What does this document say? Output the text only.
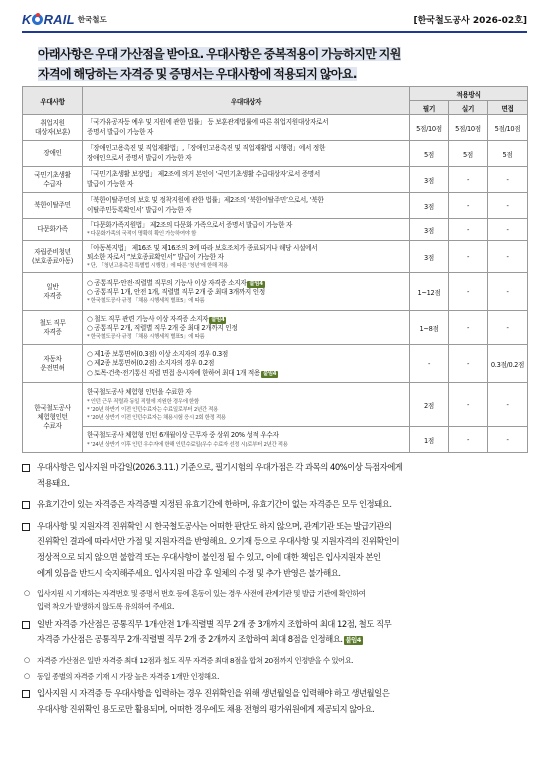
K RAIL 한국철도	[한국철도공사 2026-02호]
아래사항은 우대 가산점을 받아요. 우대사항은 중복적용이 가능하지만 지원
자격에 해당하는 자격증 및 증명서는 우대사항에 적용되지 않아요.
우대사항	우대대상자	적용방식		
		필기	실기	면접

취업지원
대상자(보훈)	「국가유공자등 예우 및 지원에 관한 법률」 등 보훈관계법률에 따른 취업지원대상자로서
증명서 발급이 가능한 자	5점/10점	5점/10점	5점/10점

장애인	「장애인고용촉진 및 직업재활법」,「장애인고용촉진 및 직업재활법 시행령」에서 정한
장애인으로서 증명서 발급이 가능한 자	5점	5점	5점

국민기초생활
수급자	「국민기초생활 보장법」 제2조에 의거 본인이 ‘국민기초생활 수급대상자’로서 증명서
발급이 가능한 자	3점	-	-

북한이탈주민	「북한이탈주민의 보호 및 정착지원에 관한 법률」제2조의 ‘북한이탈주민’으로서, ‘북한
이탈주민등록확인서’ 발급이 가능한 자	3점	-	-

다문화가족	「다문화가족지원법」 제2조의 다문화 가족으로서 증명서 발급이 가능한 자
* 다문화가족의 국적이 명확히 확인 가능하여야 함	3점	-	-

자립준비청년
(보호종료아동)	「아동복지법」 제16조 및 제16조의 3에 따라 보호조치가 종료되거나 해당 시설에서
퇴소한 자로서 “보호종료확인서” 발급이 가능한 자
* 단, 「청년고용촉진 특별법 시행령」에 따른 ‘청년’에 한해 적용	3점	-	-

일반
자격증	○ 공통직무·안전·직렬별 직무의 기능사 이상 자격증 소지자 붙임4
○ 공통직무 1개, 안전 1개, 직렬별 직무 2개 중 최대 3개까지 인정
* 한국철도공사 규정 「채용 시행세칙 별표5」에 따름	1~12점	-	-

철도 직무
자격증	○ 철도 직무 관련 기능사 이상 자격증 소지자 붙임4
○ 공통직무 2개, 직렬별 직무 2개 중 최대 2개까지 인정
* 한국철도공사 규정 「채용 시행세칙 별표5」에 따름	1~8점	-	-

자동차
운전면허	○ 제1종 보통면허(0.3점) 이상 소지자의 경우 0.3점
○ 제2종 보통면허(0.2점) 소지자의 경우 0.2점
○ 토목·건축·전기통신 직렬 면접 응시자에 한하여 최대 1개 적용 붙임4	-	-	0.3점/0.2점

한국철도공사
체험형인턴
수료자	한국철도공사 체험형 인턴을 수료한 자
* 인턴 근무 직렬과 동일 직렬에 지원한 경우에 한함
* ’20년 하반기 이전 인턴수료자는 수료일로부터 2년간 적용
* ’20년 상반기 이전 인턴수료자는 채용시험 응시 2회 한정 적용	2점	-	-

	한국철도공사 체험형 인턴 6개월이상 근무자 중 상위 20% 성적 우수자
* ’24년 상반기 이후 인턴 우수자에 한해 인턴수료일(우수 수료자 선정 시)로부터 2년간 적용	1점	-	-
우대사항은 입사지원 마감일(2026.3.11.) 기준으로, 필기시험의 우대가점은 각 과목의 40%이상 득점자에게
적용돼요.
유효기간이 있는 자격증은 자격증별 지정된 유효기간에 한하며, 유효기간이 없는 자격증은 모두 인정돼요.
우대사항 및 지원자격 진위확인 시 한국철도공사는 어떠한 판단도 하지 않으며, 관계기관 또는 발급기관의
진위확인 결과에 따라서만 가점 및 지원자격을 반영해요. 오기재 등으로 우대사항 및 지원자격의 진위확인이
정상적으로 되지 않으면 불합격 또는 우대사항이 불인정 될 수 있고, 이에 대한 책임은 입사지원자 본인
에게 있음을 반드시 숙지해주세요. 입사지원 마감 후 일체의 수정 및 추가 반영은 불가해요.
○ 입사지원 시 기재하는 자격번호 및 증명서 번호 등에 혼동이 있는 경우 사전에 관계기관 및 발급 기관에 확인하여
입력 착오가 발생하지 않도록 유의하여 주세요.
일반 자격증 가산점은 공통직무 1개·안전 1개·직렬별 직무 2개 중 3개까지 조합하여 최대 12점, 철도 직무
자격증 가산점은 공통직무 2개·직렬별 직무 2개 중 2개까지 조합하여 최대 8점을 인정해요. 붙임4
○ 자격증 가산점은 일반 자격증 최대 12점과 철도 직무 자격증 최대 8점을 합쳐 20점까지 인정받을 수 있어요.
○ 동일 종별의 자격증 기재 시 가장 높은 자격증 1개만 인정해요.
입사지원 시 자격증 등 우대사항을 입력하는 경우 진위확인을 위해 생년월일을 입력해야 하고 생년월일은
우대사항 진위확인 용도로만 활용되며, 어떠한 경우에도 채용 전형의 평가위원에게 제공되지 않아요.
